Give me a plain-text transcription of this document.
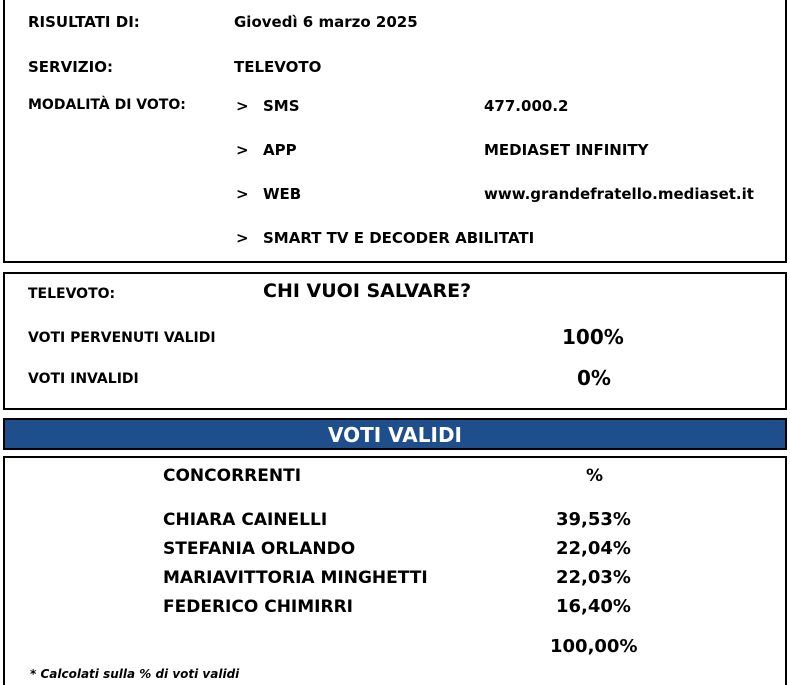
RISULTATI DI:	Giovedì 6 marzo 2025
SERVIZIO:	TELEVOTO
MODALITÀ DI VOTO:	> SMS	477.000.2
> APP	MEDIASET INFINITY
> WEB	www.grandefratello.mediaset.it
> SMART TV E DECODER ABILITATI
TELEVOTO:	CHI VUOI SALVARE?
VOTI PERVENUTI VALIDI	100%
VOTI INVALIDI	0%
VOTI VALIDI
CONCORRENTI	%
CHIARA CAINELLI	39,53%
STEFANIA ORLANDO	22,04%
MARIAVITTORIA MINGHETTI	22,03%
FEDERICO CHIMIRRI	16,40%
100,00%
* Calcolati sulla % di voti validi
